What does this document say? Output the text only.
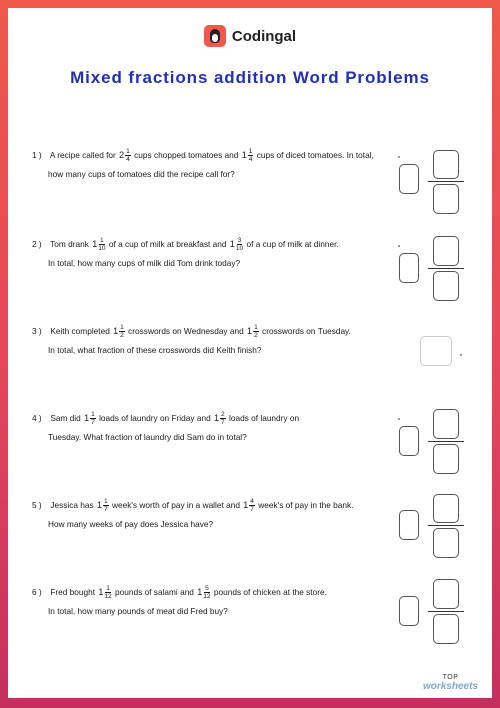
Codingal
Mixed fractions addition Word Problems
1 ) A recipe called for $2 \frac{1}{4}$ cups chopped tomatoes and $1 \frac{1}{4}$ cups of diced tomatoes. In total,
how many cups of tomatoes did the recipe call for?
2 ) Tom drank $1 \frac{1}{10}$ of a cup of milk at breakfast and $1 \frac{3}{10}$ of a cup of milk at dinner.
In total, how many cups of milk did Tom drink today?
3 ) Keith completed $1 \frac{1}{2}$ crosswords on Wednesday and $1 \frac{1}{2}$ crosswords on Tuesday.
In total, what fraction of these crosswords did Keith finish?
4 ) Sam did $1 \frac{1}{7}$ loads of laundry on Friday and $1 \frac{2}{7}$ loads of laundry on
Tuesday. What fraction of laundry did Sam do in total?
5 ) Jessica has $1 \frac{1}{7}$ week's worth of pay in a wallet and $1 \frac{4}{7}$ week's of pay in the bank.
How many weeks of pay does Jessica have?
6 ) Fred bought $1 \frac{1}{12}$ pounds of salami and $1 \frac{5}{12}$ pounds of chicken at the store.
In total, how many pounds of meat did Fred buy?
TOP
worksheets
